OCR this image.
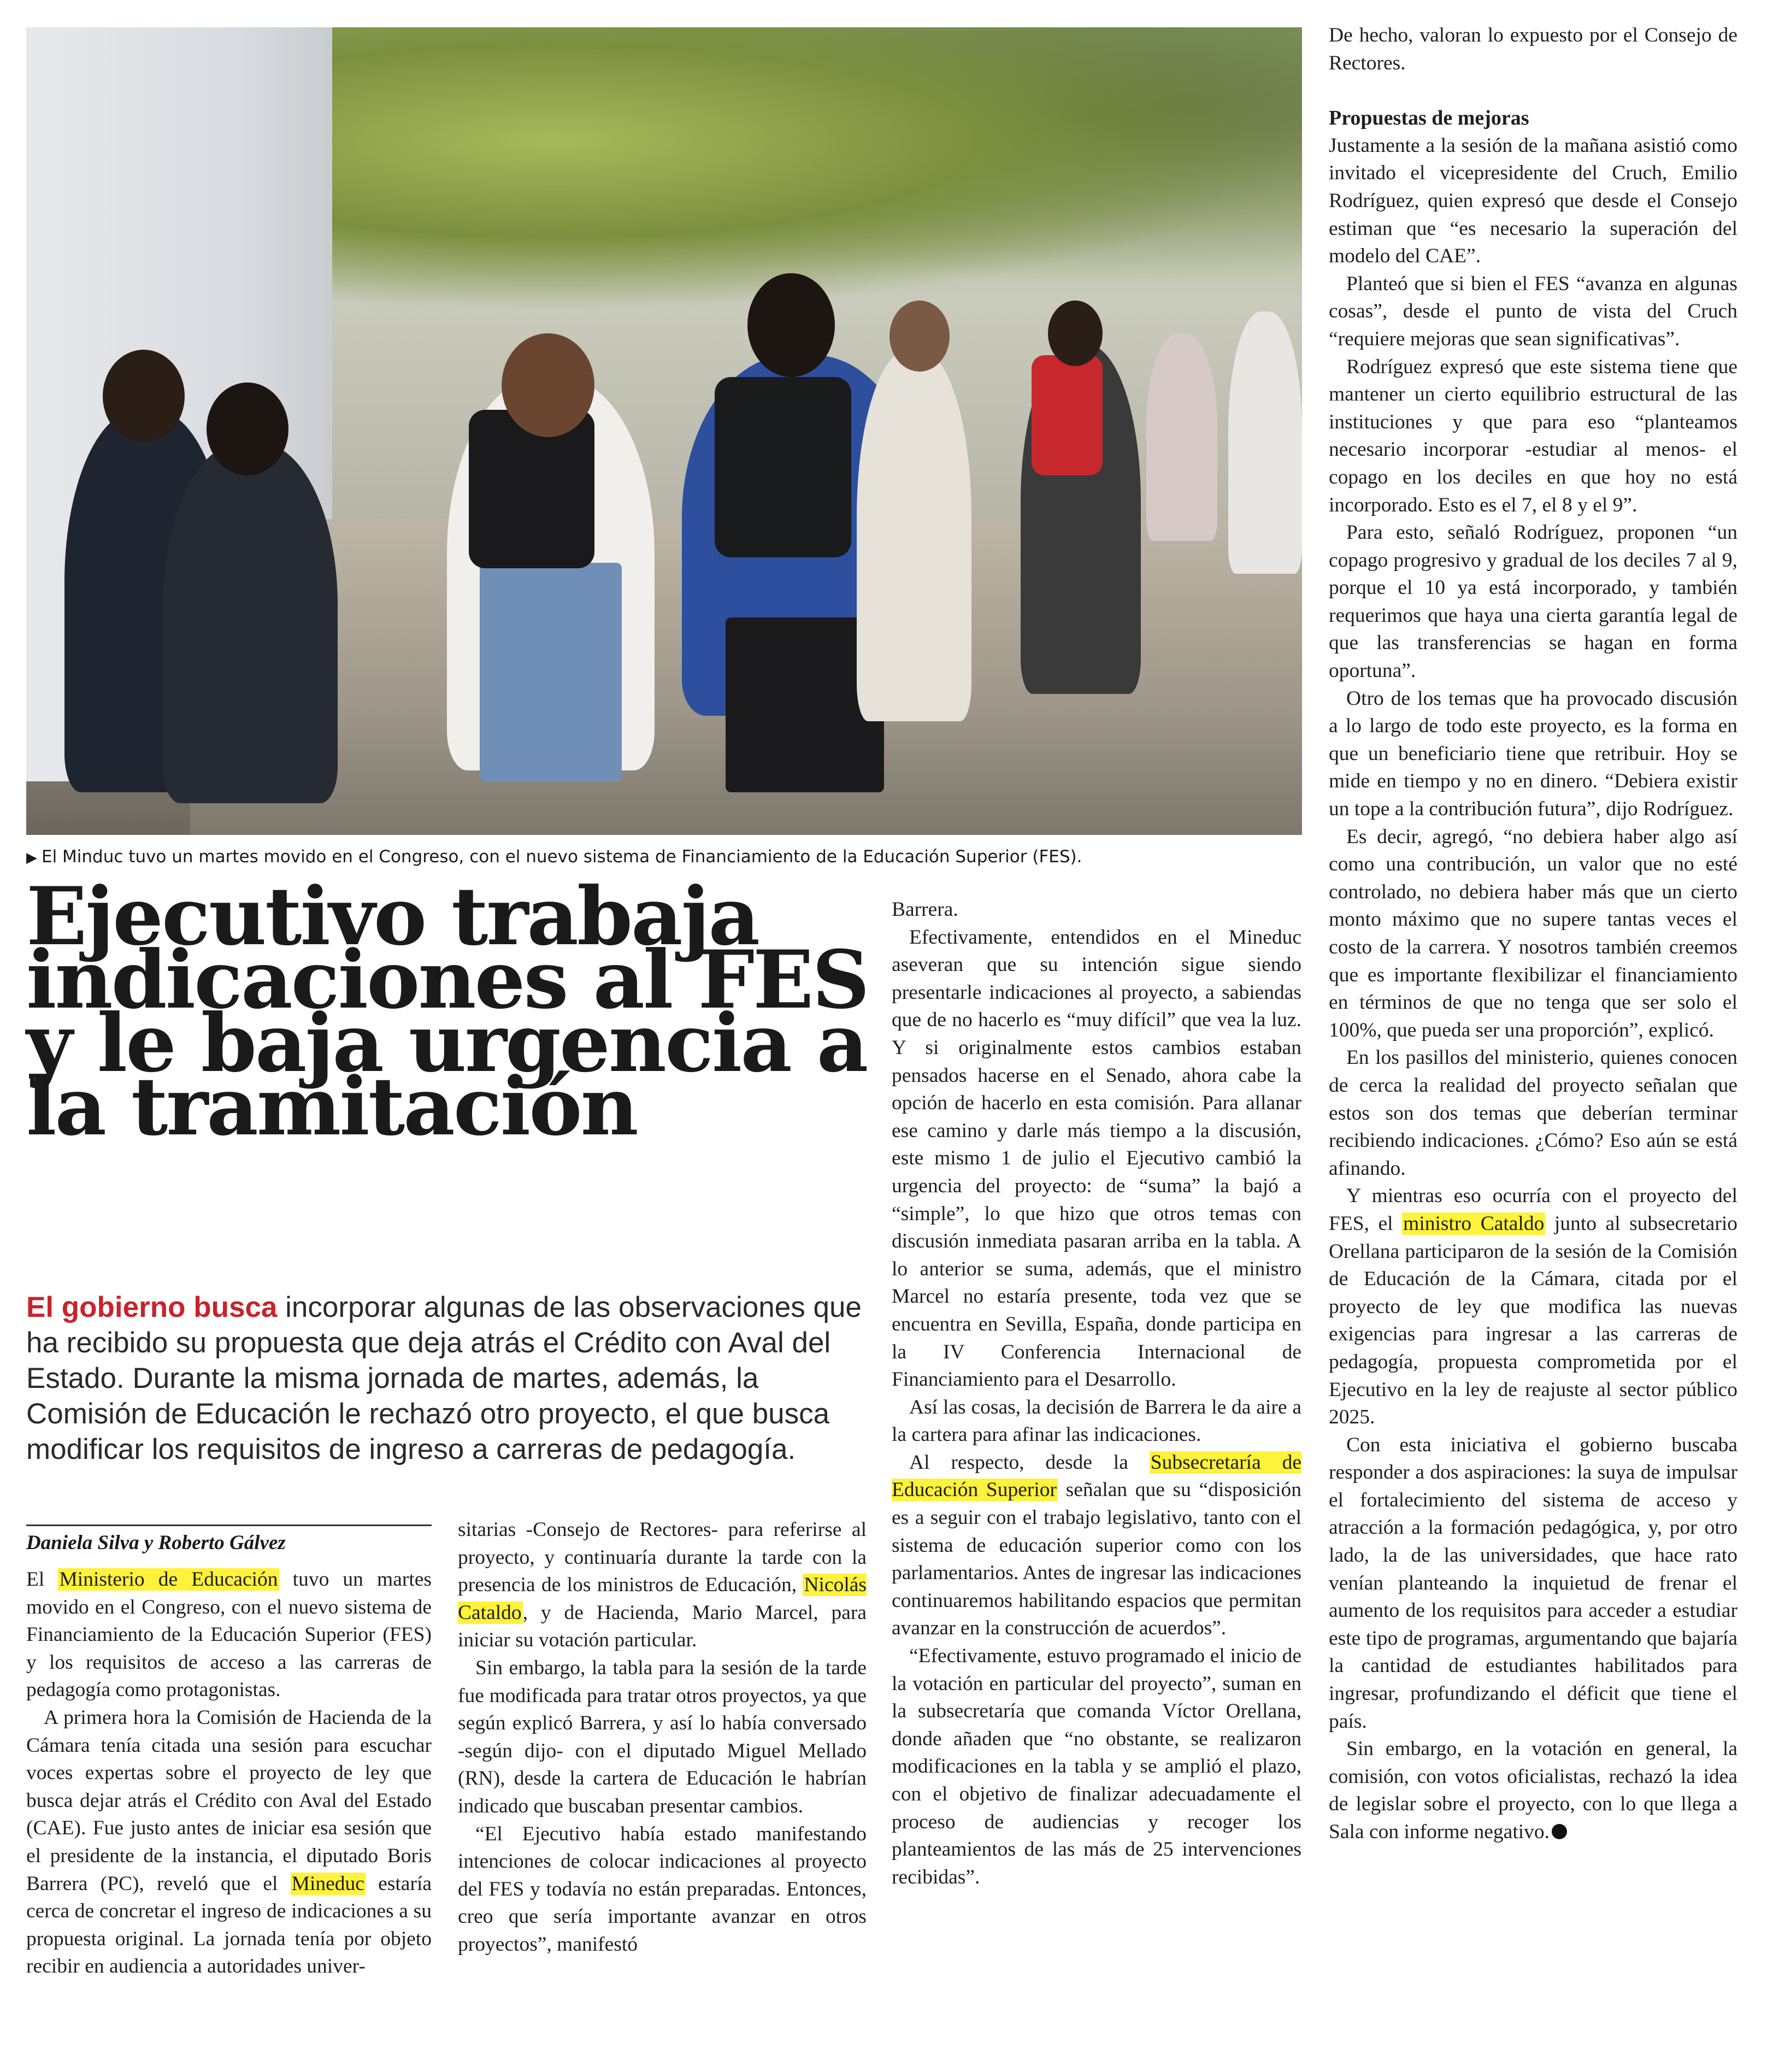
▶ El Minduc tuvo un martes movido en el Congreso, con el nuevo sistema de Financiamiento de la Educación Superior (FES).
Ejecutivo trabaja indicaciones al FES y le baja urgencia a la tramitación
El gobierno busca incorporar algunas de las observaciones que ha recibido su propuesta que deja atrás el Crédito con Aval del Estado. Durante la misma jornada de martes, además, la Comisión de Educación le rechazó otro proyecto, el que busca modificar los requisitos de ingreso a carreras de pedagogía.
Daniela Silva y Roberto Gálvez

El Ministerio de Educación tuvo un martes movido en el Congreso, con el nuevo sistema de Financiamiento de la Educación Superior (FES) y los requisitos de acceso a las carreras de pedagogía como protagonistas.

A primera hora la Comisión de Hacienda de la Cámara tenía citada una sesión para escuchar voces expertas sobre el proyecto de ley que busca dejar atrás el Crédito con Aval del Estado (CAE). Fue justo antes de iniciar esa sesión que el presidente de la instancia, el diputado Boris Barrera (PC), reveló que el Mineduc estaría cerca de concretar el ingreso de indicaciones a su propuesta original. La jornada tenía por objeto recibir en audiencia a autoridades univer-

sitarias -Consejo de Rectores- para referirse al proyecto, y continuaría durante la tarde con la presencia de los ministros de Educación, Nicolás Cataldo, y de Hacienda, Mario Marcel, para iniciar su votación particular.

Sin embargo, la tabla para la sesión de la tarde fue modificada para tratar otros proyectos, ya que según explicó Barrera, y así lo había conversado -según dijo- con el diputado Miguel Mellado (RN), desde la cartera de Educación le habrían indicado que buscaban presentar cambios.

“El Ejecutivo había estado manifestando intenciones de colocar indicaciones al proyecto del FES y todavía no están preparadas. Entonces, creo que sería importante avanzar en otros proyectos”, manifestó

Barrera.

Efectivamente, entendidos en el Mineduc aseveran que su intención sigue siendo presentarle indicaciones al proyecto, a sabiendas que de no hacerlo es “muy difícil” que vea la luz. Y si originalmente estos cambios estaban pensados hacerse en el Senado, ahora cabe la opción de hacerlo en esta comisión. Para allanar ese camino y darle más tiempo a la discusión, este mismo 1 de julio el Ejecutivo cambió la urgencia del proyecto: de “suma” la bajó a “simple”, lo que hizo que otros temas con discusión inmediata pasaran arriba en la tabla. A lo anterior se suma, además, que el ministro Marcel no estaría presente, toda vez que se encuentra en Sevilla, España, donde participa en la IV Conferencia Internacional de Financiamiento para el Desarrollo.

Así las cosas, la decisión de Barrera le da aire a la cartera para afinar las indicaciones.

Al respecto, desde la Subsecretaría de Educación Superior señalan que su “disposición es a seguir con el trabajo legislativo, tanto con el sistema de educación superior como con los parlamentarios. Antes de ingresar las indicaciones continuaremos habilitando espacios que permitan avanzar en la construcción de acuerdos”.

“Efectivamente, estuvo programado el inicio de la votación en particular del proyecto”, suman en la subsecretaría que comanda Víctor Orellana, donde añaden que “no obstante, se realizaron modificaciones en la tabla y se amplió el plazo, con el objetivo de finalizar adecuadamente el proceso de audiencias y recoger los planteamientos de las más de 25 intervenciones recibidas”.

De hecho, valoran lo expuesto por el Consejo de Rectores.

Propuestas de mejoras

Justamente a la sesión de la mañana asistió como invitado el vicepresidente del Cruch, Emilio Rodríguez, quien expresó que desde el Consejo estiman que “es necesario la superación del modelo del CAE”.

Planteó que si bien el FES “avanza en algunas cosas”, desde el punto de vista del Cruch “requiere mejoras que sean significativas”.

Rodríguez expresó que este sistema tiene que mantener un cierto equilibrio estructural de las instituciones y que para eso “planteamos necesario incorporar -estudiar al menos- el copago en los deciles en que hoy no está incorporado. Esto es el 7, el 8 y el 9”.

Para esto, señaló Rodríguez, proponen “un copago progresivo y gradual de los deciles 7 al 9, porque el 10 ya está incorporado, y también requerimos que haya una cierta garantía legal de que las transferencias se hagan en forma oportuna”.

Otro de los temas que ha provocado discusión a lo largo de todo este proyecto, es la forma en que un beneficiario tiene que retribuir. Hoy se mide en tiempo y no en dinero. “Debiera existir un tope a la contribución futura”, dijo Rodríguez.

Es decir, agregó, “no debiera haber algo así como una contribución, un valor que no esté controlado, no debiera haber más que un cierto monto máximo que no supere tantas veces el costo de la carrera. Y nosotros también creemos que es importante flexibilizar el financiamiento en términos de que no tenga que ser solo el 100%, que pueda ser una proporción”, explicó.

En los pasillos del ministerio, quienes conocen de cerca la realidad del proyecto señalan que estos son dos temas que deberían terminar recibiendo indicaciones. ¿Cómo? Eso aún se está afinando.

Y mientras eso ocurría con el proyecto del FES, el ministro Cataldo junto al subsecretario Orellana participaron de la sesión de la Comisión de Educación de la Cámara, citada por el proyecto de ley que modifica las nuevas exigencias para ingresar a las carreras de pedagogía, propuesta comprometida por el Ejecutivo en la ley de reajuste al sector público 2025.

Con esta iniciativa el gobierno buscaba responder a dos aspiraciones: la suya de impulsar el fortalecimiento del sistema de acceso y atracción a la formación pedagógica, y, por otro lado, la de las universidades, que hace rato venían planteando la inquietud de frenar el aumento de los requisitos para acceder a estudiar este tipo de programas, argumentando que bajaría la cantidad de estudiantes habilitados para ingresar, profundizando el déficit que tiene el país.

Sin embargo, en la votación en general, la comisión, con votos oficialistas, rechazó la idea de legislar sobre el proyecto, con lo que llega a Sala con informe negativo.
